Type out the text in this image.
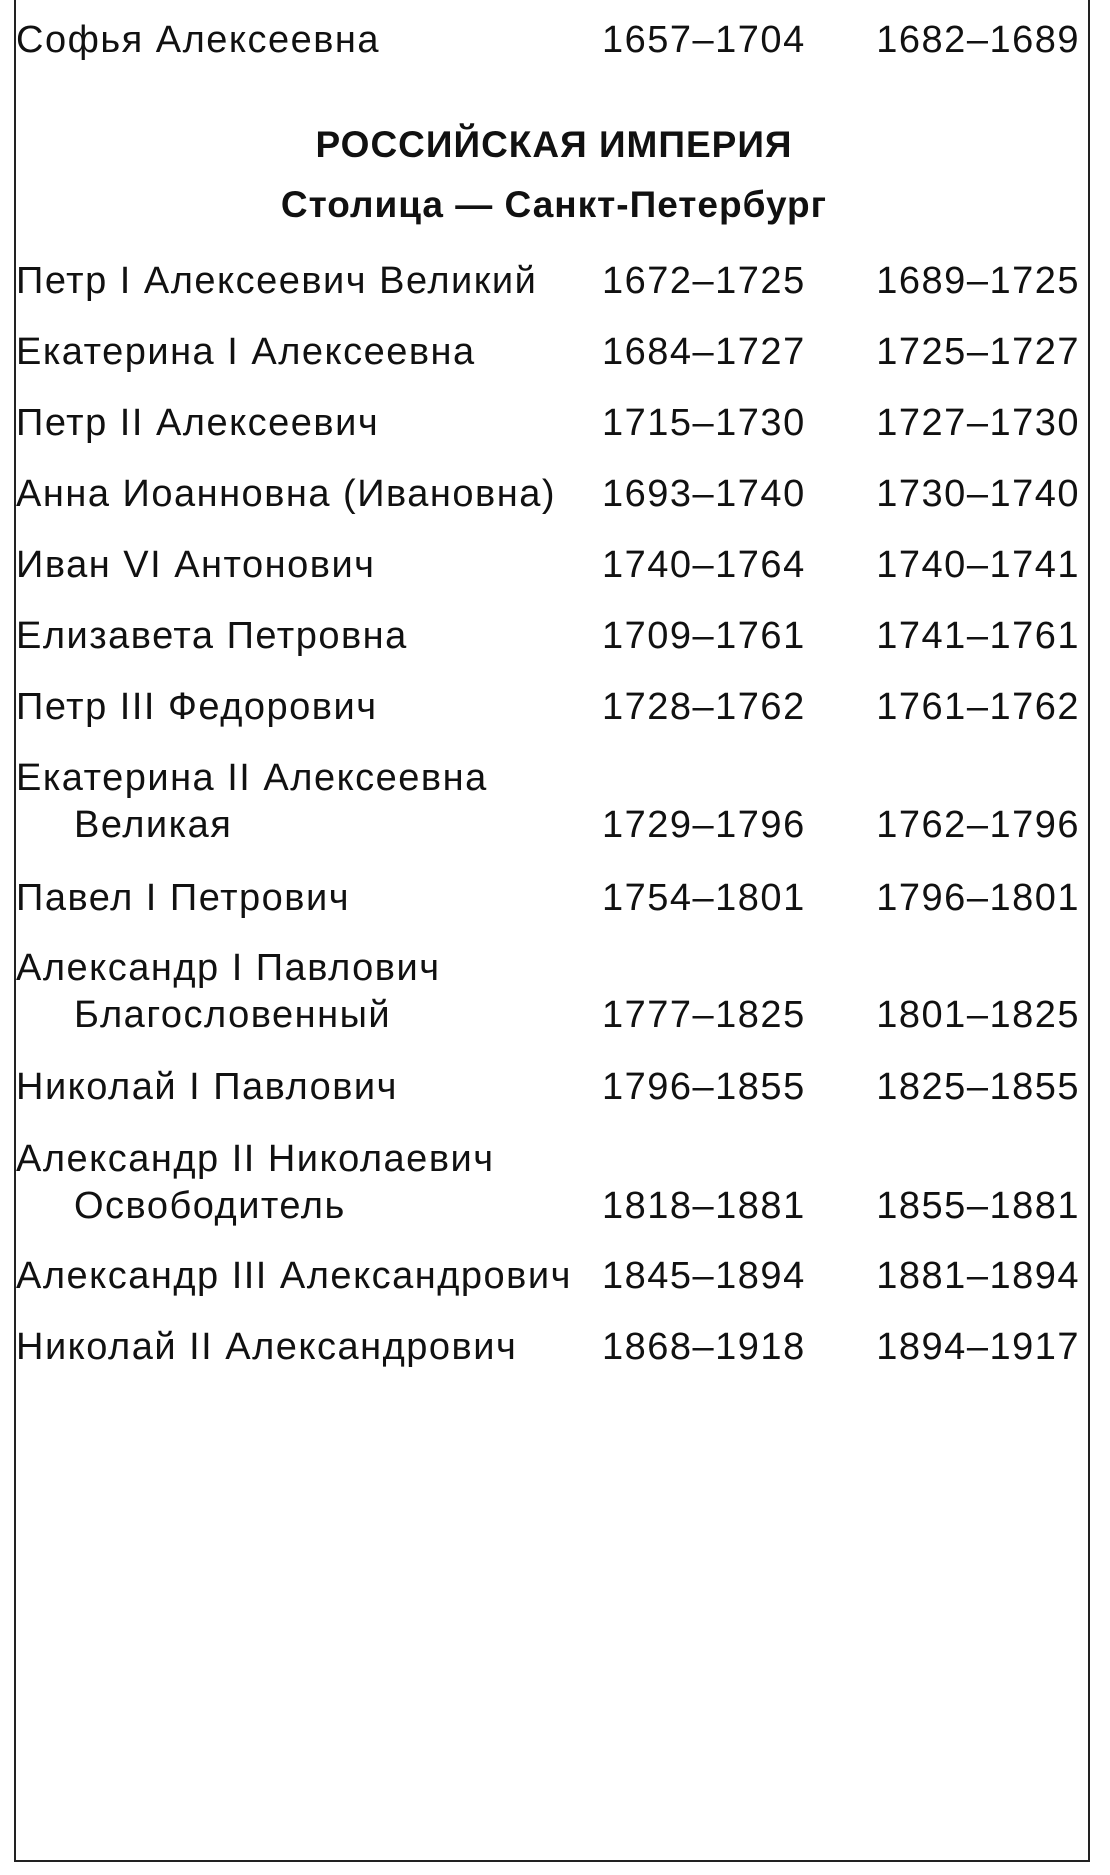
Софья Алексеевна	1657–1704 1682–1689
РОССИЙСКАЯ ИМПЕРИЯ
Столица — Санкт-Петербург
Петр I Алексеевич Великий 1672–1725 1689–1725
Екатерина I Алексеевна	1684–1727 1725–1727
Петр II Алексеевич	1715–1730 1727–1730
Анна Иоанновна (Ивановна) 1693–1740 1730–1740
Иван VI Антонович	1740–1764 1740–1741
Елизавета Петровна	1709–1761 1741–1761
Петр III Федорович	1728–1762 1761–1762
Екатерина II Алексеевна
Великая	1729–1796 1762–1796
Павел I Петрович	1754–1801 1796–1801
Александр I Павлович
Благословенный	1777–1825 1801–1825
Николай I Павлович	1796–1855 1825–1855
Александр II Николаевич
Освободитель	1818–1881 1855–1881
Александр III Александрович 1845–1894 1881–1894
Николай II Александрович 1868–1918 1894–1917
